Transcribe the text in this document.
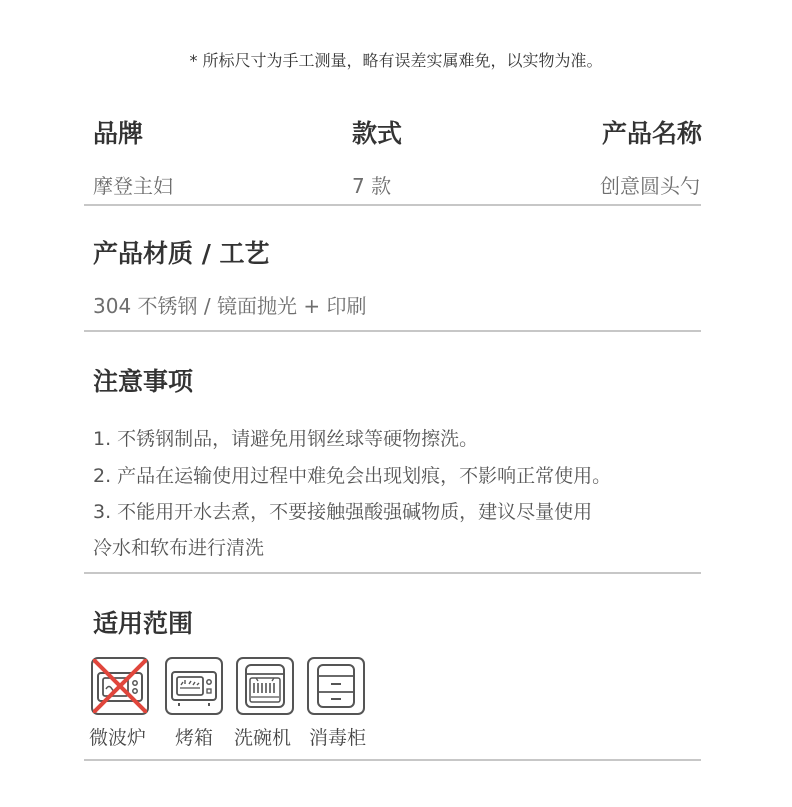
* 所标尺寸为手工测量，略有误差实属难免，以实物为准。
品牌
摩登主妇
款式
7 款
产品名称
创意圆头勺
产品材质 / 工艺
304 不锈钢 / 镜面抛光 + 印刷
注意事项
1. 不锈钢制品，请避免用钢丝球等硬物擦洗。
2. 产品在运输使用过程中难免会出现划痕，不影响正常使用。
3. 不能用开水去煮，不要接触强酸强碱物质，建议尽量使用
冷水和软布进行清洗
适用范围
微波炉 烤箱 洗碗机 消毒柜
